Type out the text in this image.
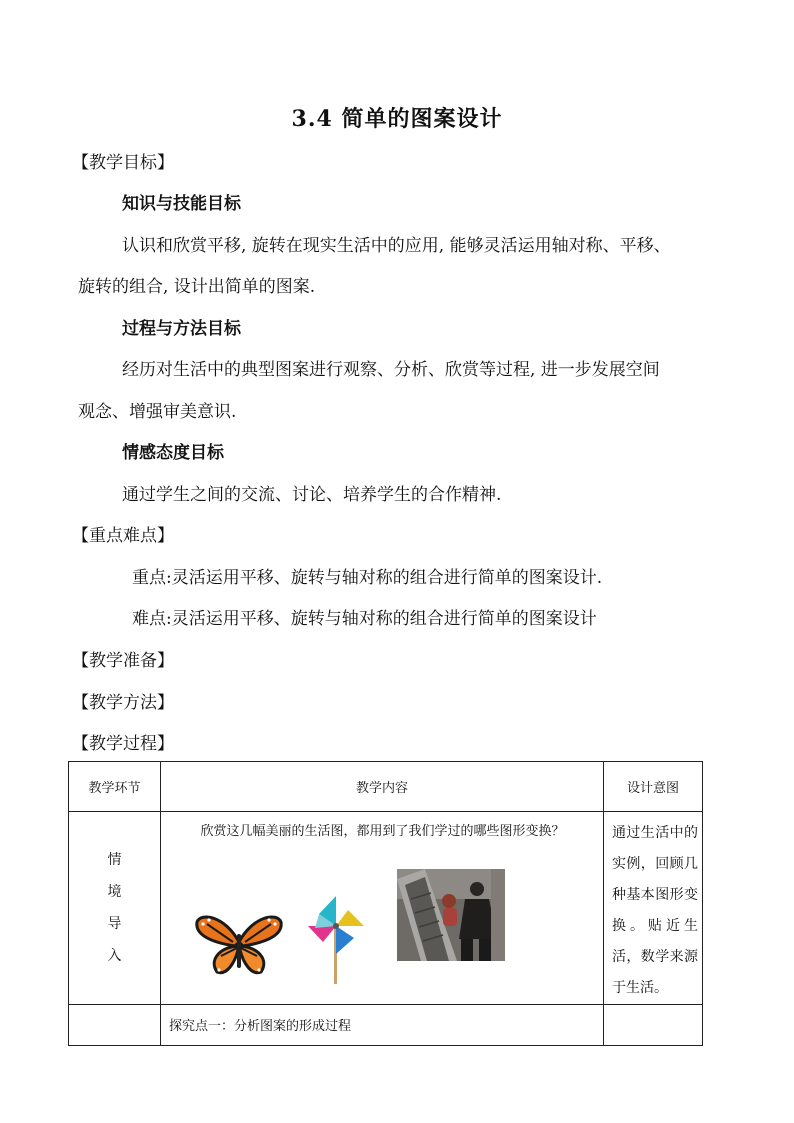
3.4 简单的图案设计
【教学目标】
知识与技能目标
认识和欣赏平移, 旋转在现实生活中的应用, 能够灵活运用轴对称、平移、
旋转的组合, 设计出简单的图案.
过程与方法目标
经历对生活中的典型图案进行观察、分析、欣赏等过程, 进一步发展空间
观念、增强审美意识.
情感态度目标
通过学生之间的交流、讨论、培养学生的合作精神.
【重点难点】
重点:灵活运用平移、旋转与轴对称的组合进行简单的图案设计.
难点:灵活运用平移、旋转与轴对称的组合进行简单的图案设计
【教学准备】
【教学方法】
【教学过程】
教学环节	教学内容	设计意图
情
境
导
入	欣赏这几幅美丽的生活图，都用到了我们学过的哪些图形变换？	通过生活中的实例，回顾几种基本图形变换。贴近生活，数学来源于生活。

	探究点一：分析图案的形成过程	
